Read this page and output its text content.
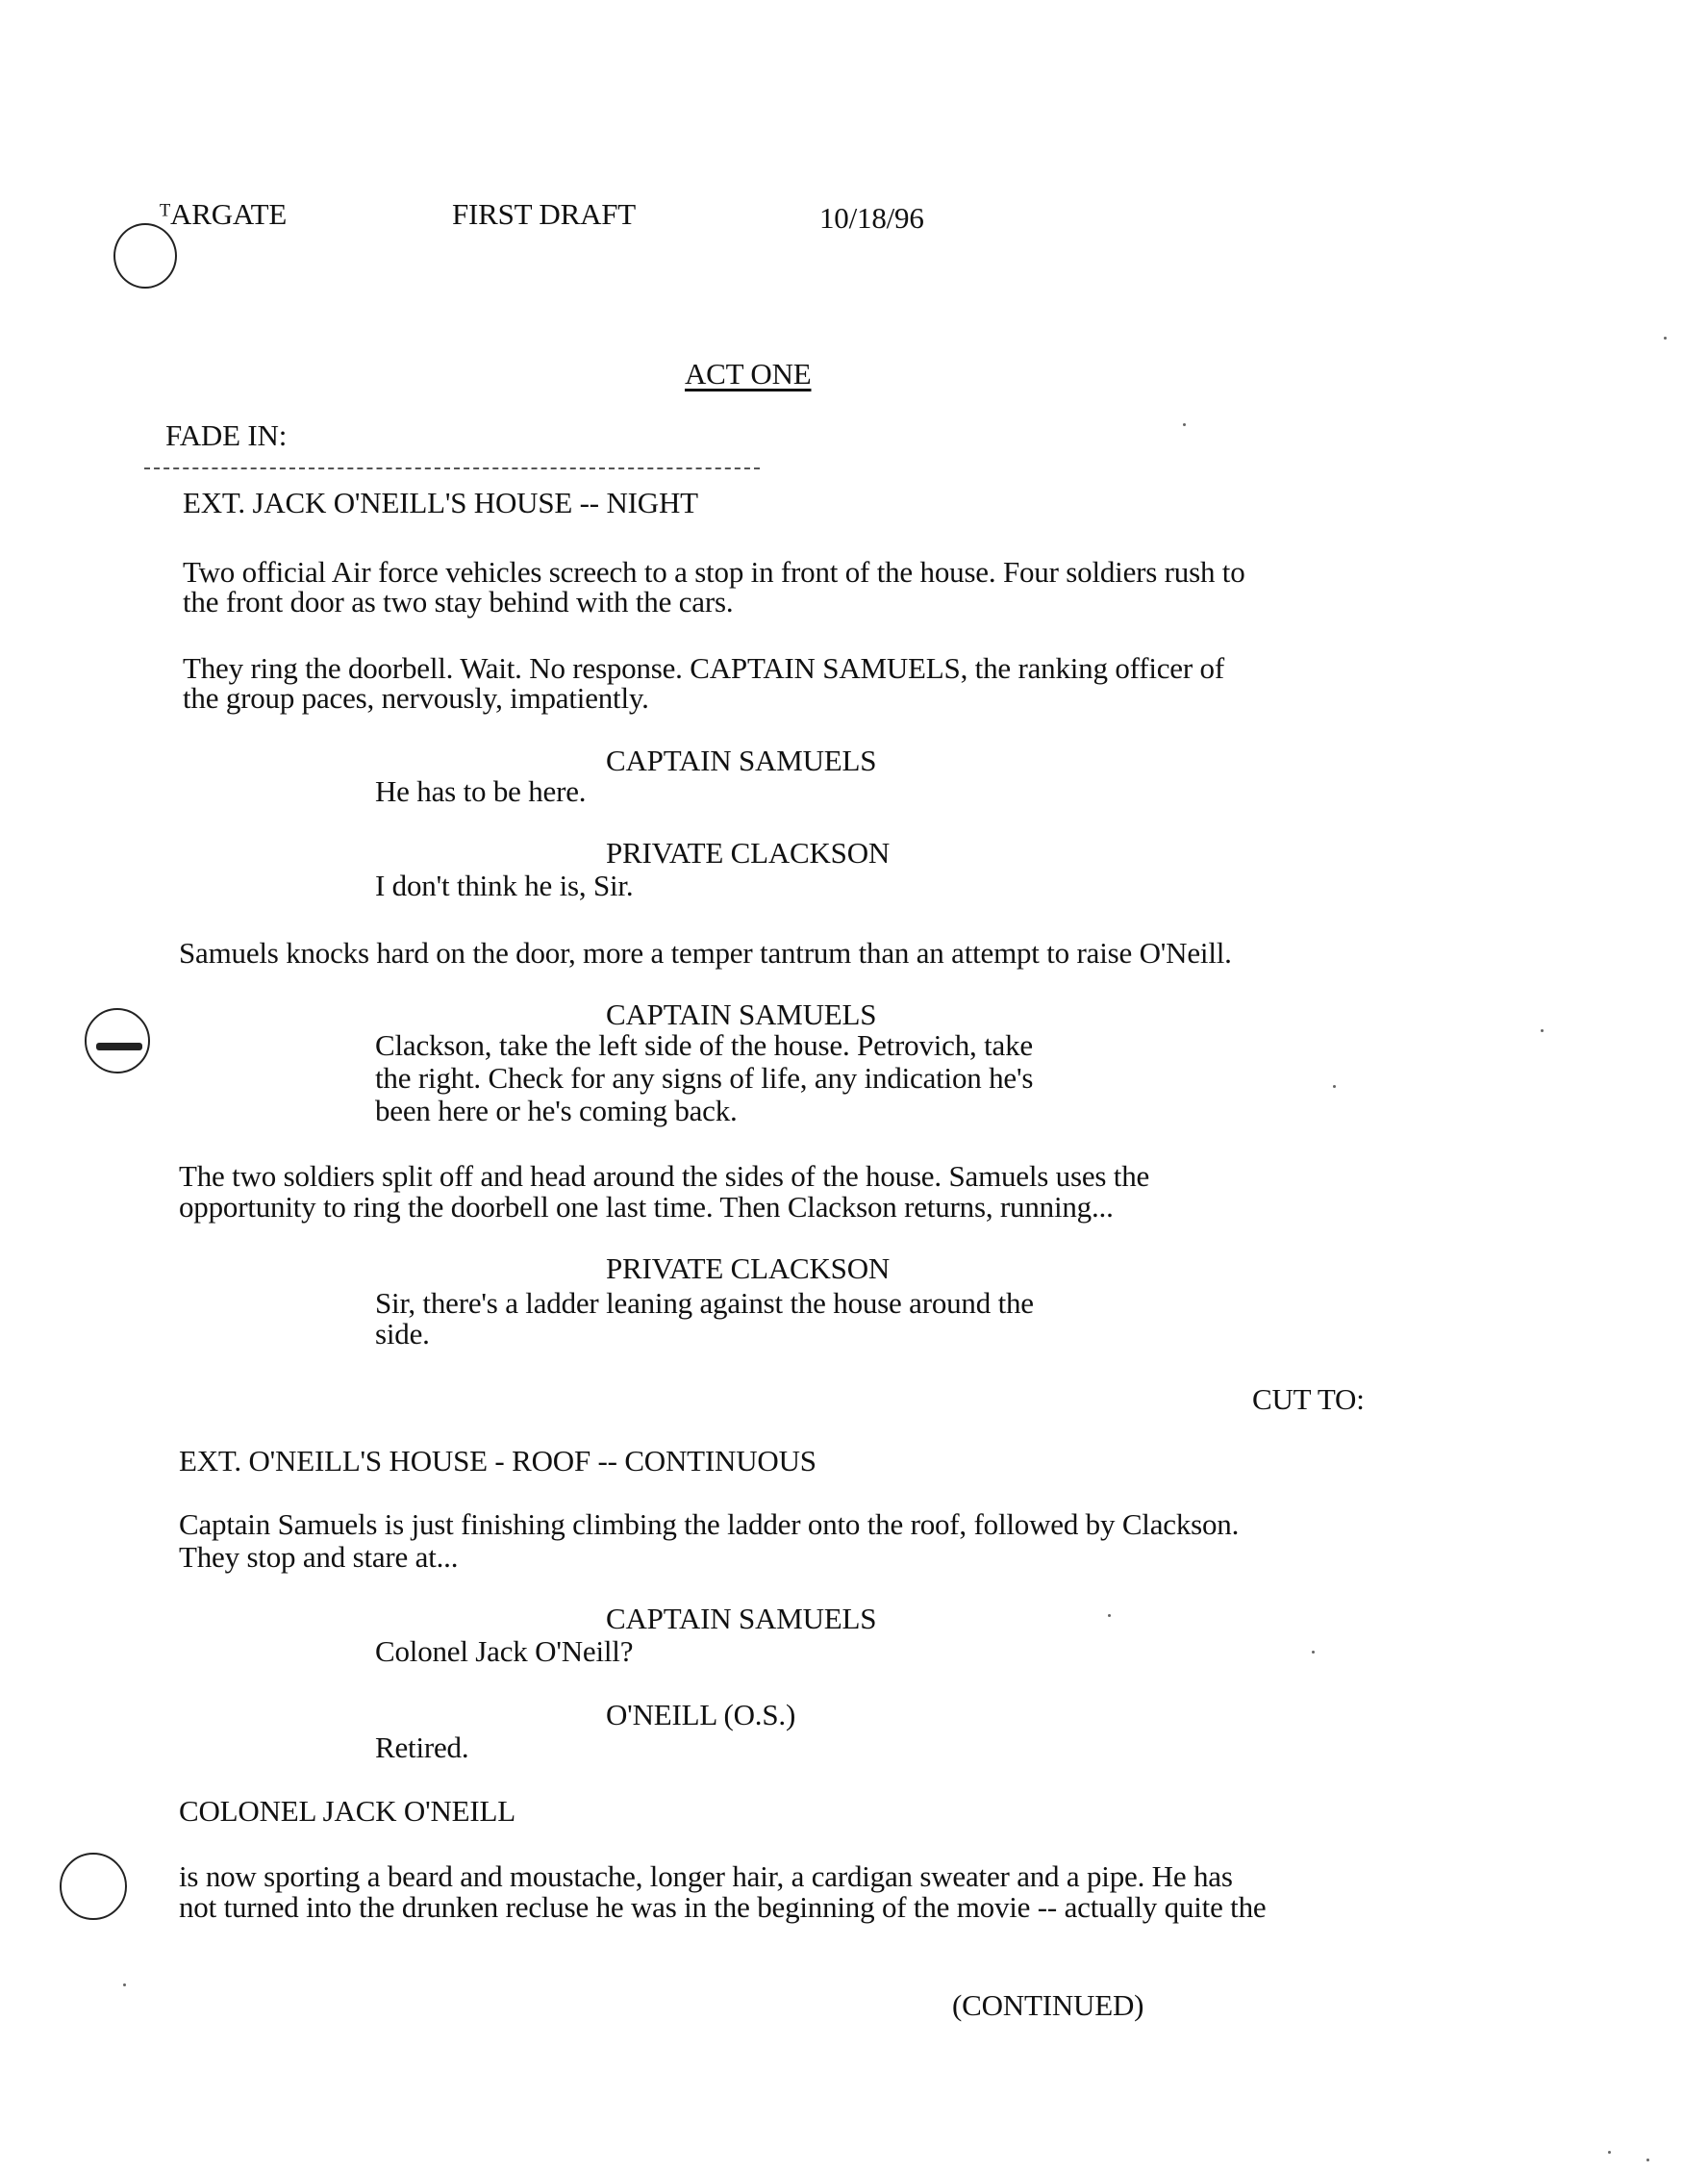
ᵀARGATE	FIRST DRAFT	10/18/96
ACT ONE
FADE IN:
EXT. JACK O'NEILL'S HOUSE -- NIGHT
Two official Air force vehicles screech to a stop in front of the house. Four soldiers rush to
the front door as two stay behind with the cars.
They ring the doorbell. Wait. No response. CAPTAIN SAMUELS, the ranking officer of
the group paces, nervously, impatiently.
CAPTAIN SAMUELS
He has to be here.
PRIVATE CLACKSON
I don't think he is, Sir.
Samuels knocks hard on the door, more a temper tantrum than an attempt to raise O'Neill.
CAPTAIN SAMUELS
Clackson, take the left side of the house. Petrovich, take
the right. Check for any signs of life, any indication he's
been here or he's coming back.
The two soldiers split off and head around the sides of the house. Samuels uses the
opportunity to ring the doorbell one last time. Then Clackson returns, running...
PRIVATE CLACKSON
Sir, there's a ladder leaning against the house around the
side.
CUT TO:
EXT. O'NEILL'S HOUSE - ROOF -- CONTINUOUS
Captain Samuels is just finishing climbing the ladder onto the roof, followed by Clackson.
They stop and stare at...
CAPTAIN SAMUELS
Colonel Jack O'Neill?
O'NEILL (O.S.)
Retired.
COLONEL JACK O'NEILL
is now sporting a beard and moustache, longer hair, a cardigan sweater and a pipe. He has
not turned into the drunken recluse he was in the beginning of the movie -- actually quite the
(CONTINUED)
